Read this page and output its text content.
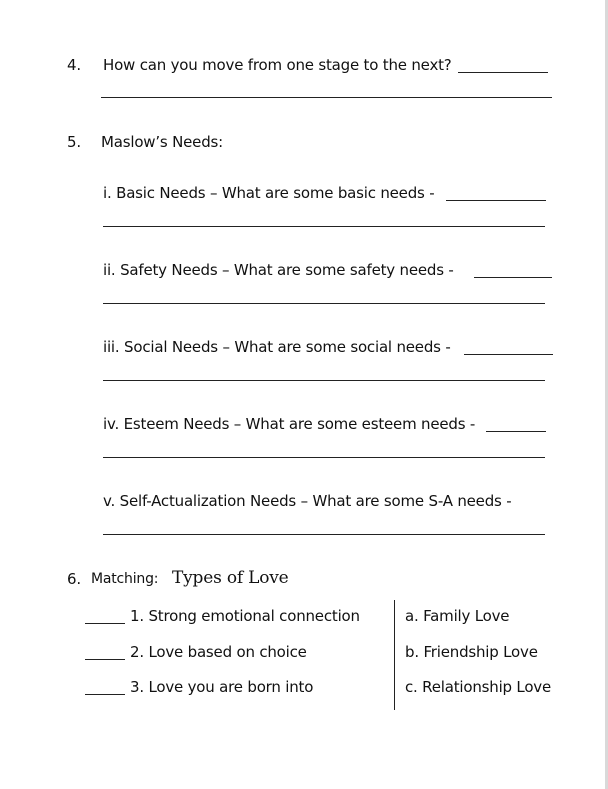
4. How can you move from one stage to the next?
5. Maslow’s Needs:
i. Basic Needs – What are some basic needs -
ii. Safety Needs – What are some safety needs -
iii. Social Needs – What are some social needs -
iv. Esteem Needs – What are some esteem needs -
v. Self-Actualization Needs – What are some S-A needs -
6. Matching: Types of Love
1. Strong emotional connection
2. Love based on choice
3. Love you are born into
a. Family Love
b. Friendship Love
c. Relationship Love
